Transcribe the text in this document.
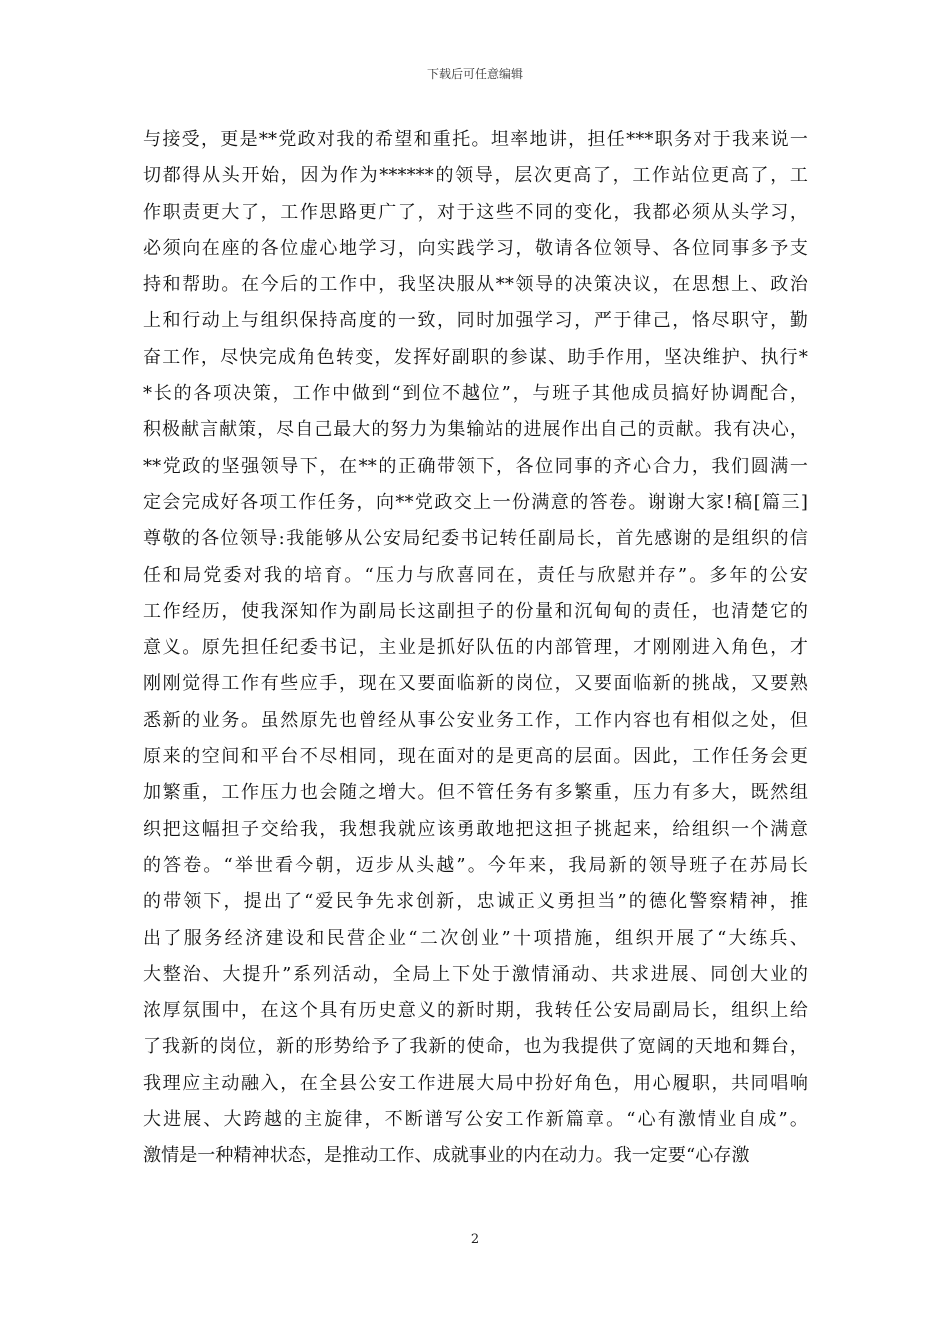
下载后可任意编辑
与接受，更是**党政对我的希望和重托。坦率地讲，担任***职务对于我来说一
切都得从头开始，因为作为******的领导，层次更高了，工作站位更高了，工
作职责更大了，工作思路更广了，对于这些不同的变化，我都必须从头学习，
必须向在座的各位虚心地学习，向实践学习，敬请各位领导、各位同事多予支
持和帮助。在今后的工作中，我坚决服从**领导的决策决议，在思想上、政治
上和行动上与组织保持高度的一致，同时加强学习，严于律己，恪尽职守，勤
奋工作，尽快完成角色转变，发挥好副职的参谋、助手作用，坚决维护、执行*
*长的各项决策，工作中做到“到位不越位”，与班子其他成员搞好协调配合，
积极献言献策，尽自己最大的努力为集输站的进展作出自己的贡献。我有决心，
**党政的坚强领导下，在**的正确带领下，各位同事的齐心合力，我们圆满一
定会完成好各项工作任务，向**党政交上一份满意的答卷。谢谢大家!稿[篇三]
尊敬的各位领导:我能够从公安局纪委书记转任副局长，首先感谢的是组织的信
任和局党委对我的培育。“压力与欣喜同在，责任与欣慰并存”。多年的公安
工作经历，使我深知作为副局长这副担子的份量和沉甸甸的责任，也清楚它的
意义。原先担任纪委书记，主业是抓好队伍的内部管理，才刚刚进入角色，才
刚刚觉得工作有些应手，现在又要面临新的岗位，又要面临新的挑战，又要熟
悉新的业务。虽然原先也曾经从事公安业务工作，工作内容也有相似之处，但
原来的空间和平台不尽相同，现在面对的是更高的层面。因此，工作任务会更
加繁重，工作压力也会随之增大。但不管任务有多繁重，压力有多大，既然组
织把这幅担子交给我，我想我就应该勇敢地把这担子挑起来，给组织一个满意
的答卷。“举世看今朝，迈步从头越”。今年来，我局新的领导班子在苏局长
的带领下，提出了“爱民争先求创新，忠诚正义勇担当”的德化警察精神，推
出了服务经济建设和民营企业“二次创业”十项措施，组织开展了“大练兵、
大整治、大提升”系列活动，全局上下处于激情涌动、共求进展、同创大业的
浓厚氛围中，在这个具有历史意义的新时期，我转任公安局副局长，组织上给
了我新的岗位，新的形势给予了我新的使命，也为我提供了宽阔的天地和舞台，
我理应主动融入，在全县公安工作进展大局中扮好角色，用心履职，共同唱响
大进展、大跨越的主旋律，不断谱写公安工作新篇章。“心有激情业自成”。
激情是一种精神状态，是推动工作、成就事业的内在动力。我一定要“心存激
2
